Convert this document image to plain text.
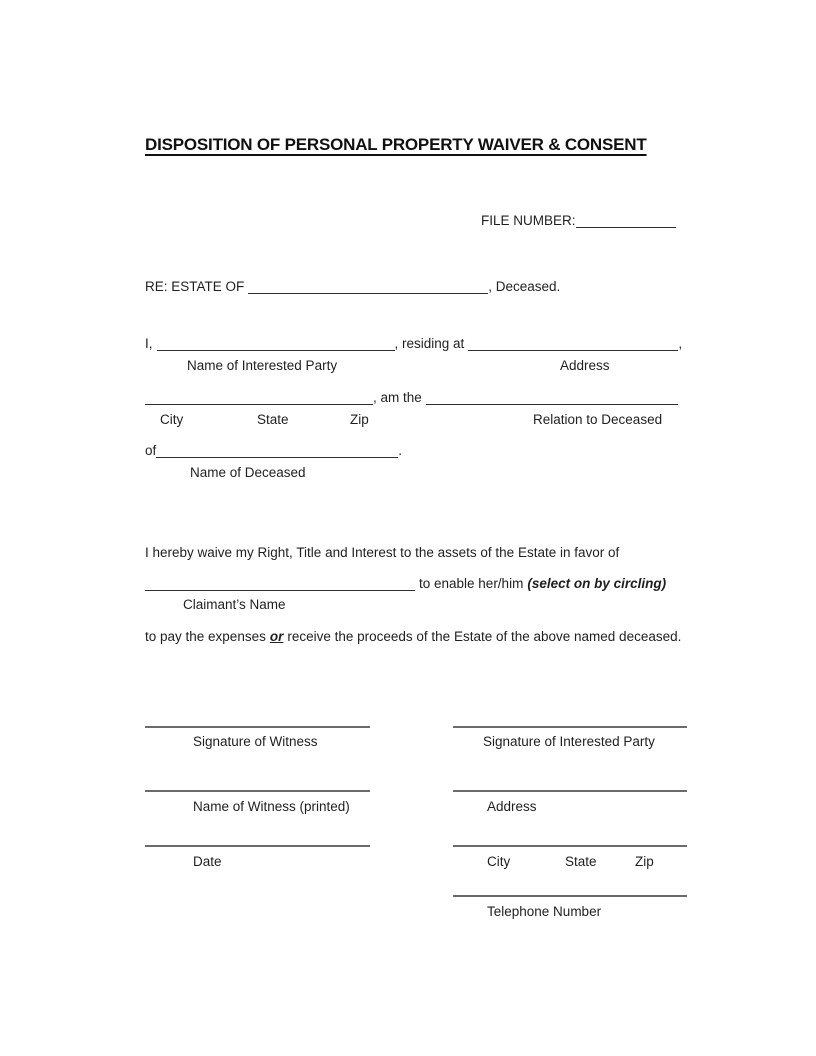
DISPOSITION OF PERSONAL PROPERTY WAIVER & CONSENT
FILE NUMBER:
RE: ESTATE OF	, Deceased.
I,	, residing at	,
Name of Interested Party	Address
, am the
City	State	Zip	Relation to Deceased
of	.
Name of Deceased
I hereby waive my Right, Title and Interest to the assets of the Estate in favor of
to enable her/him (select on by circling)
Claimant’s Name
to pay the expenses or receive the proceeds of the Estate of the above named deceased.
Signature of Witness	Signature of Interested Party
Name of Witness (printed)	Address
Date	City	State	Zip
Telephone Number
